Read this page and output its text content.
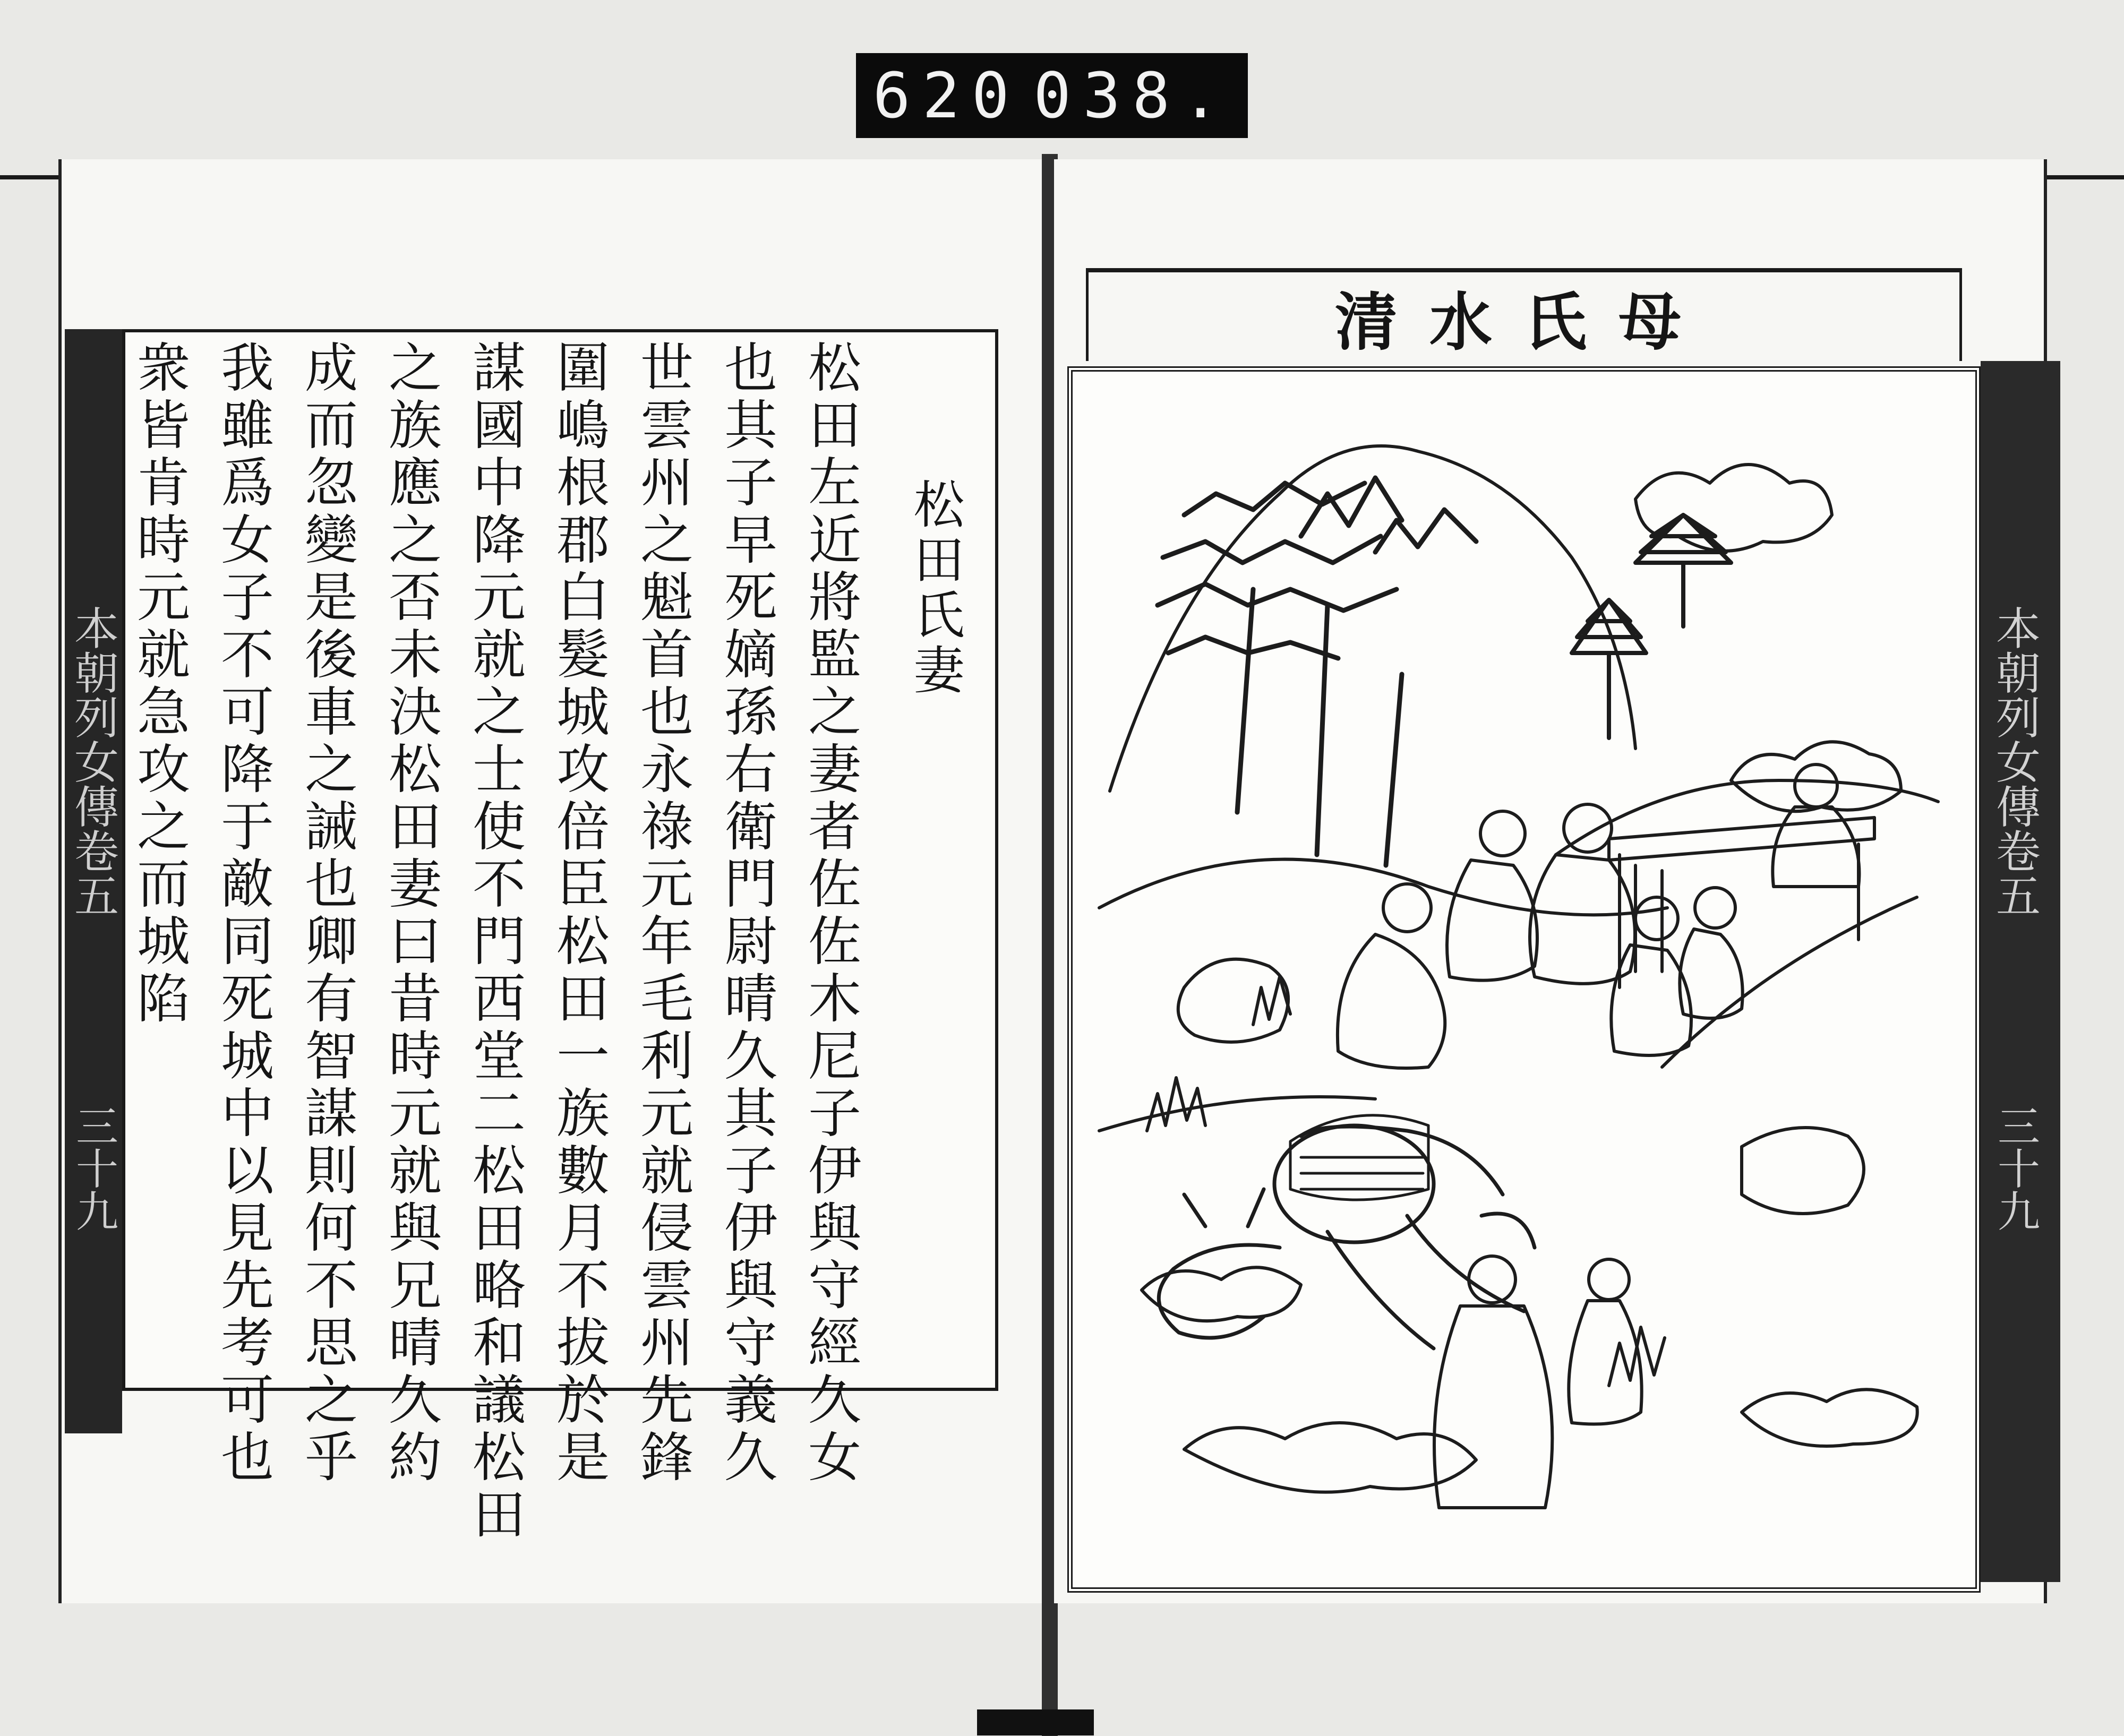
620 038.
本朝列女傳卷五
三十九

松田氏妻

松田左近將監之妻者佐佐木尼子伊與守經久女

也其子早死嫡孫右衛門尉晴久其子伊與守義久

世雲州之魁首也永祿元年毛利元就侵雲州先鋒

圍嶋根郡白髮城攻倍臣松田一族數月不拔於是

謀國中降元就之士使不門西堂二松田略和議松田

之族應之否未決松田妻曰昔時元就與兄晴久約

成而忽變是後車之誡也卿有智謀則何不思之乎

我雖爲女子不可降于敵同死城中以見先考可也

衆皆肯時元就急攻之而城陷

清水氏母
本朝列女傳卷五
三十九
